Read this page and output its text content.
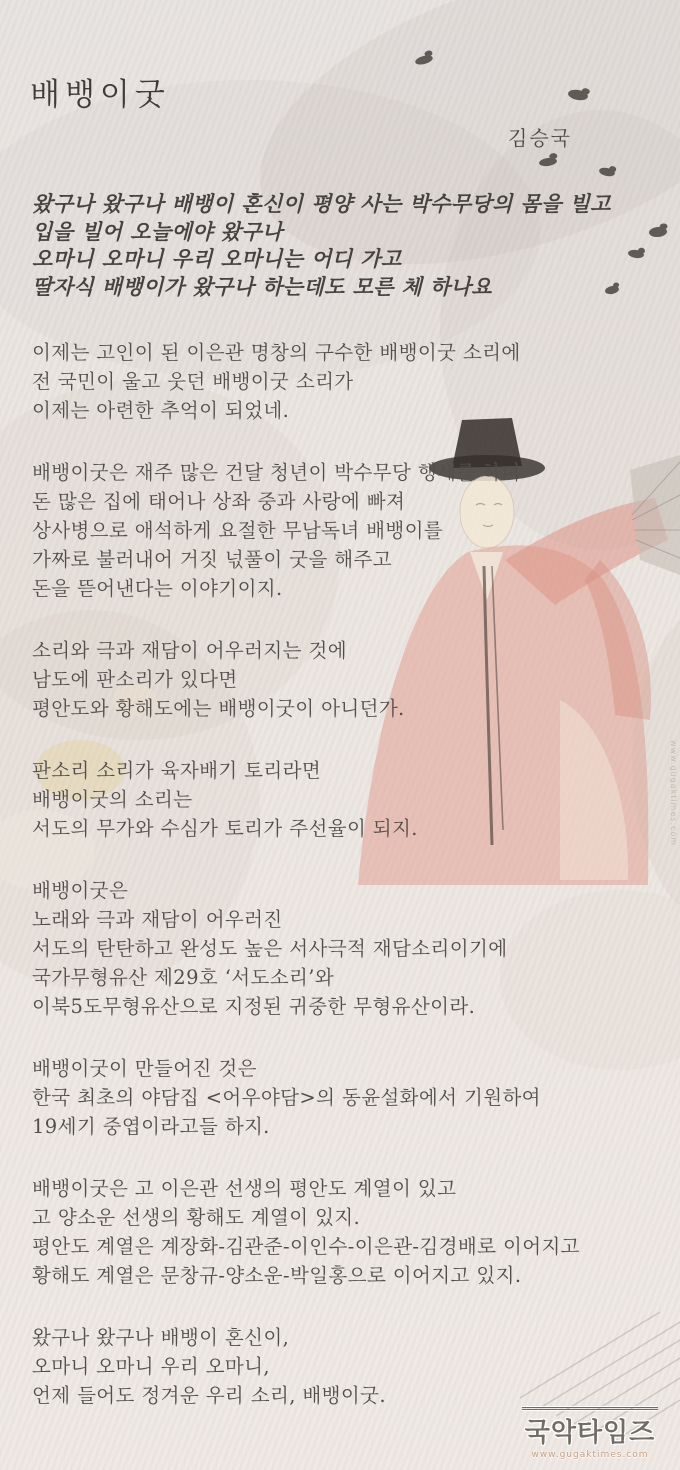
배뱅이굿
김승국

왔구나 왔구나 배뱅이 혼신이 평양 사는 박수무당의 몸을 빌고

입을 빌어 오늘에야 왔구나

오마니 오마니 우리 오마니는 어디 가고

딸자식 배뱅이가 왔구나 하는데도 모른 체 하나요

이제는 고인이 된 이은관 명창의 구수한 배뱅이굿 소리에

전 국민이 울고 웃던 배뱅이굿 소리가

이제는 아련한 추억이 되었네.

배뱅이굿은 재주 많은 건달 청년이 박수무당 행세를 하며

돈 많은 집에 태어나 상좌 중과 사랑에 빠져

상사병으로 애석하게 요절한 무남독녀 배뱅이를

가짜로 불러내어 거짓 넋풀이 굿을 해주고

돈을 뜯어낸다는 이야기이지.

소리와 극과 재담이 어우러지는 것에

남도에 판소리가 있다면

평안도와 황해도에는 배뱅이굿이 아니던가.

판소리 소리가 육자배기 토리라면

배뱅이굿의 소리는

서도의 무가와 수심가 토리가 주선율이 되지.

배뱅이굿은

노래와 극과 재담이 어우러진

서도의 탄탄하고 완성도 높은 서사극적 재담소리이기에

국가무형유산 제29호 ‘서도소리’와

이북5도무형유산으로 지정된 귀중한 무형유산이라.

배뱅이굿이 만들어진 것은

한국 최초의 야담집 <어우야담>의 동윤설화에서 기원하여

19세기 중엽이라고들 하지.

배뱅이굿은 고 이은관 선생의 평안도 계열이 있고

고 양소운 선생의 황해도 계열이 있지.

평안도 계열은 계장화-김관준-이인수-이은관-김경배로 이어지고

황해도 계열은 문창규-양소운-박일홍으로 이어지고 있지.

왔구나 왔구나 배뱅이 혼신이,

오마니 오마니 우리 오마니,

언제 들어도 정겨운 우리 소리, 배뱅이굿.

국악타임즈
www.gugaktimes.com
www.gugaktimes.com
